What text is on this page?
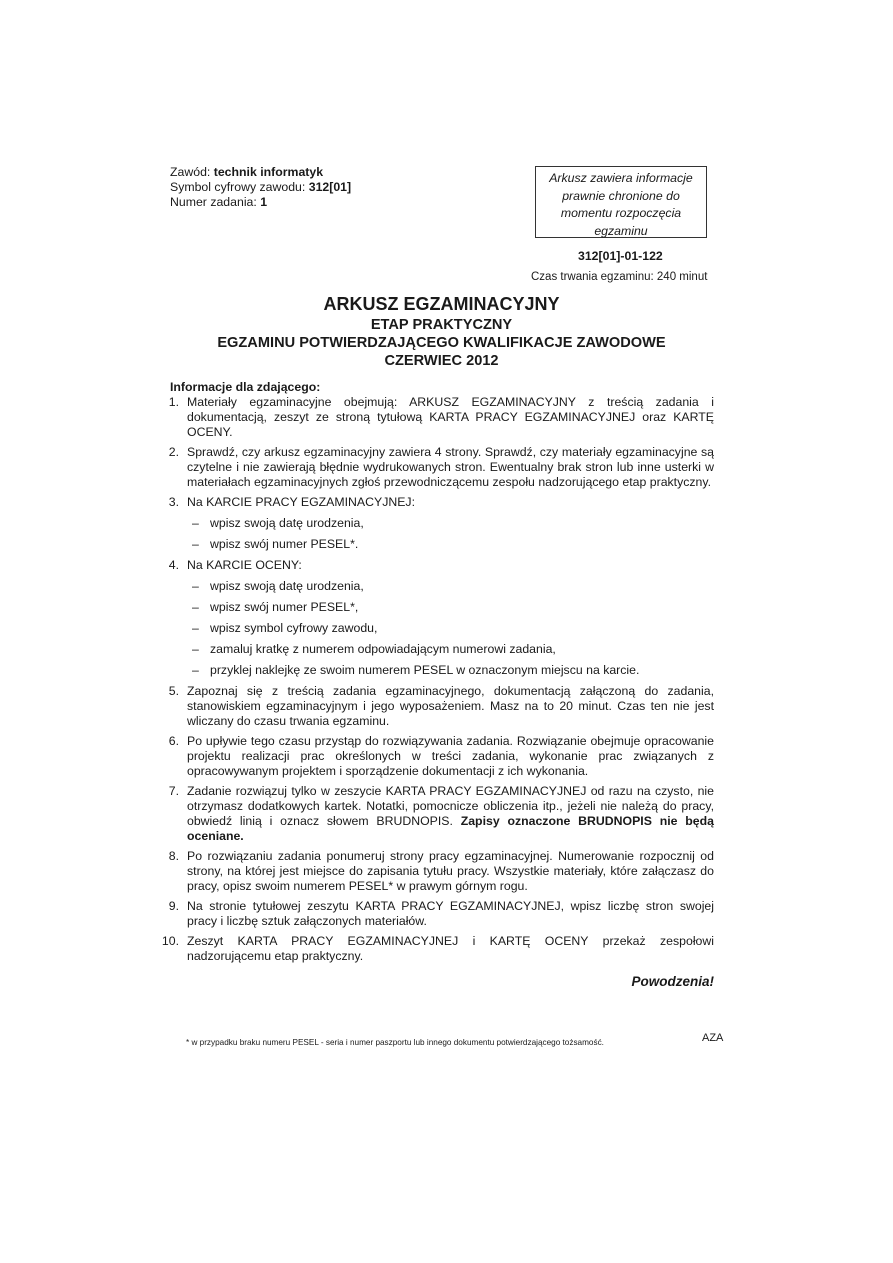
Zawód: technik informatyk
Symbol cyfrowy zawodu: 312[01]
Numer zadania: 1
Arkusz zawiera informacje
prawnie chronione do
momentu rozpoczęcia
egzaminu
312[01]-01-122
Czas trwania egzaminu: 240 minut
ARKUSZ EGZAMINACYJNY
ETAP PRAKTYCZNY
EGZAMINU POTWIERDZAJĄCEGO KWALIFIKACJE ZAWODOWE
CZERWIEC 2012
Informacje dla zdającego:
1. Materiały egzaminacyjne obejmują: ARKUSZ EGZAMINACYJNY z treścią zadania i dokumentacją, zeszyt ze stroną tytułową KARTA PRACY EGZAMINACYJNEJ oraz KARTĘ OCENY.
2. Sprawdź, czy arkusz egzaminacyjny zawiera 4 strony. Sprawdź, czy materiały egzaminacyjne są czytelne i nie zawierają błędnie wydrukowanych stron. Ewentualny brak stron lub inne usterki w materiałach egzaminacyjnych zgłoś przewodniczącemu zespołu nadzorującego etap praktyczny.
3. Na KARCIE PRACY EGZAMINACYJNEJ:
– wpisz swoją datę urodzenia,
– wpisz swój numer PESEL*.
4. Na KARCIE OCENY:
– wpisz swoją datę urodzenia,
– wpisz swój numer PESEL*,
– wpisz symbol cyfrowy zawodu,
– zamaluj kratkę z numerem odpowiadającym numerowi zadania,
– przyklej naklejkę ze swoim numerem PESEL w oznaczonym miejscu na karcie.
5. Zapoznaj się z treścią zadania egzaminacyjnego, dokumentacją załączoną do zadania, stanowiskiem egzaminacyjnym i jego wyposażeniem. Masz na to 20 minut. Czas ten nie jest wliczany do czasu trwania egzaminu.
6. Po upływie tego czasu przystąp do rozwiązywania zadania. Rozwiązanie obejmuje opracowanie projektu realizacji prac określonych w treści zadania, wykonanie prac związanych z opracowywanym projektem i sporządzenie dokumentacji z ich wykonania.
7. Zadanie rozwiązuj tylko w zeszycie KARTA PRACY EGZAMINACYJNEJ od razu na czysto, nie otrzymasz dodatkowych kartek. Notatki, pomocnicze obliczenia itp., jeżeli nie należą do pracy, obwiedź linią i oznacz słowem BRUDNOPIS. Zapisy oznaczone BRUDNOPIS nie będą oceniane.
8. Po rozwiązaniu zadania ponumeruj strony pracy egzaminacyjnej. Numerowanie rozpocznij od strony, na której jest miejsce do zapisania tytułu pracy. Wszystkie materiały, które załączasz do pracy, opisz swoim numerem PESEL* w prawym górnym rogu.
9. Na stronie tytułowej zeszytu KARTA PRACY EGZAMINACYJNEJ, wpisz liczbę stron swojej pracy i liczbę sztuk załączonych materiałów.
10. Zeszyt KARTA PRACY EGZAMINACYJNEJ i KARTĘ OCENY przekaż zespołowi nadzorującemu etap praktyczny.
Powodzenia!
* w przypadku braku numeru PESEL - seria i numer paszportu lub innego dokumentu potwierdzającego tożsamość.	AZA
